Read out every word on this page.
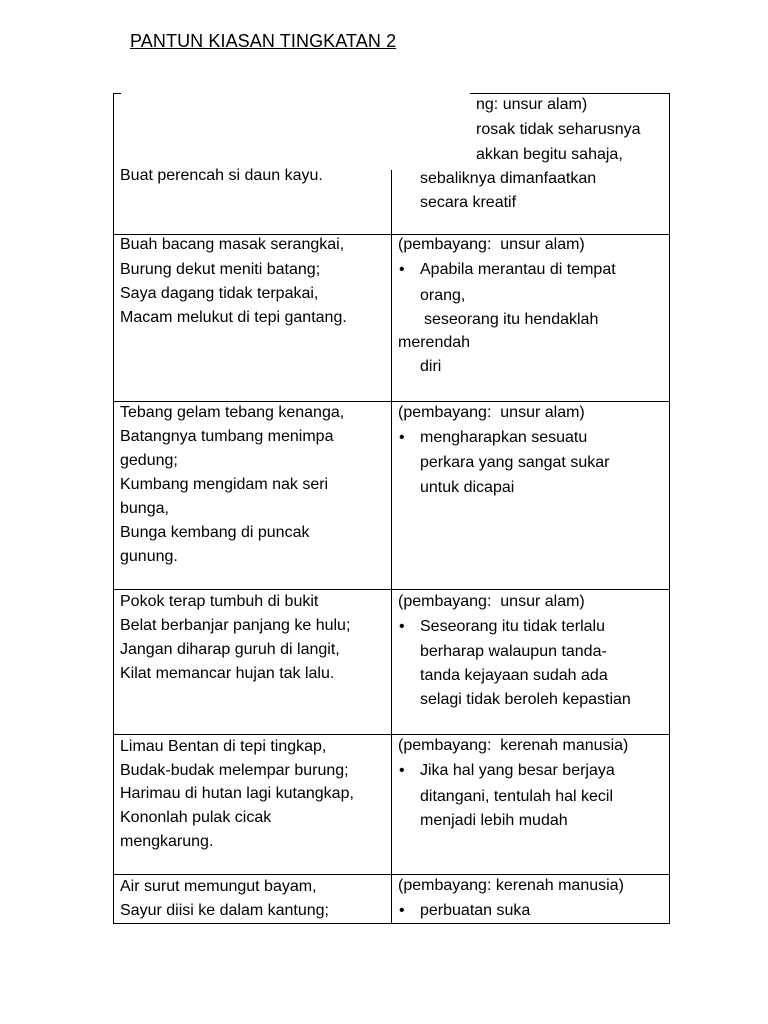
PANTUN KIASAN TINGKATAN 2
Buat perencah si daun kayu.
ng: unsur alam)
rosak tidak seharusnya
akkan begitu sahaja,
sebaliknya dimanfaatkan
secara kreatif
Buah bacang masak serangkai,
Burung dekut meniti batang;
Saya dagang tidak terpakai,
Macam melukut di tepi gantang.
(pembayang:  unsur alam)
• Apabila merantau di tempat
orang,
seseorang itu hendaklah
merendah
diri
Tebang gelam tebang kenanga,
Batangnya tumbang menimpa
gedung;
Kumbang mengidam nak seri
bunga,
Bunga kembang di puncak
gunung.
(pembayang:  unsur alam)
• mengharapkan sesuatu
perkara yang sangat sukar
untuk dicapai
Pokok terap tumbuh di bukit
Belat berbanjar panjang ke hulu;
Jangan diharap guruh di langit,
Kilat memancar hujan tak lalu.
(pembayang:  unsur alam)
• Seseorang itu tidak terlalu
berharap walaupun tanda-
tanda kejayaan sudah ada
selagi tidak beroleh kepastian
Limau Bentan di tepi tingkap,
Budak-budak melempar burung;
Harimau di hutan lagi kutangkap,
Kononlah pulak cicak
mengkarung.
(pembayang:  kerenah manusia)
• Jika hal yang besar berjaya
ditangani, tentulah hal kecil
menjadi lebih mudah
Air surut memungut bayam,
Sayur diisi ke dalam kantung;
(pembayang: kerenah manusia)
• perbuatan suka
